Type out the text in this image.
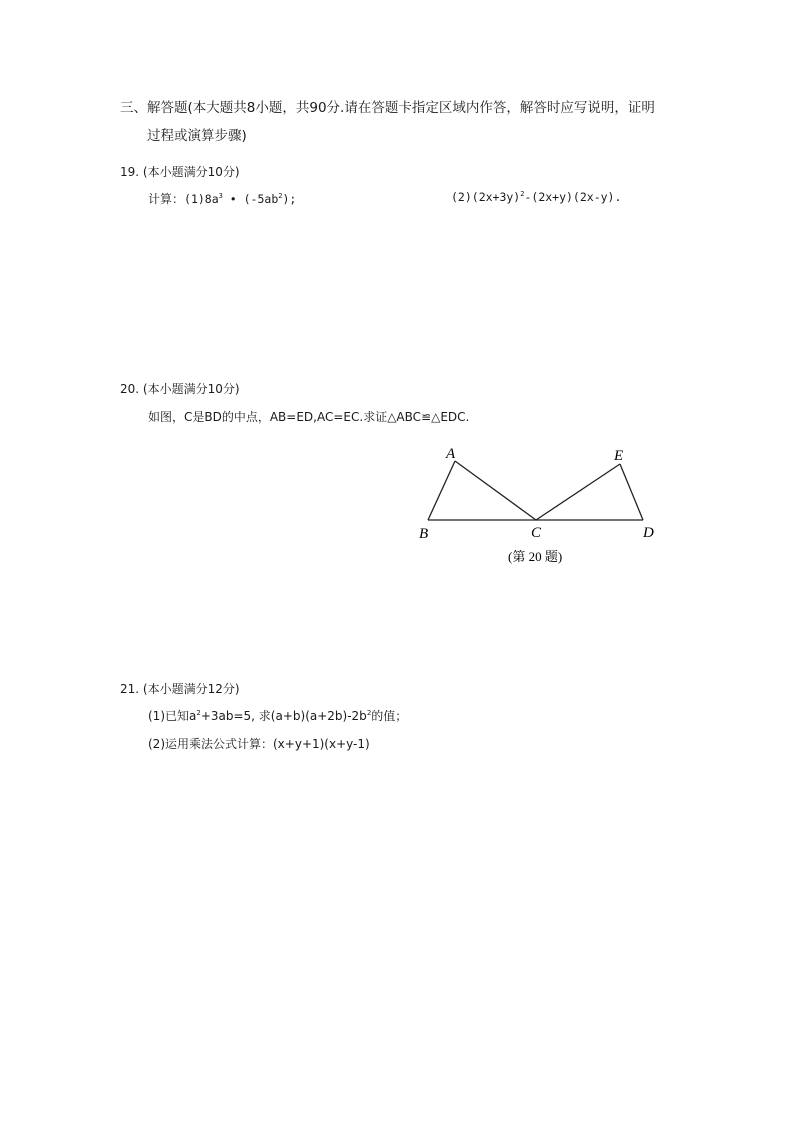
三、解答题(本大题共8小题，共90分.请在答题卡指定区域内作答，解答时应写说明，证明
过程或演算步骤)
19. (本小题满分10分)
计算：$(1)8a^3$ • $(-5ab^2)$;	$(2)(2x+3y)^2-(2x+y)(2x-y)$.
20. (本小题满分10分)
如图，C是BD的中点，AB=ED,AC=EC.求证△ABC≌△EDC.
A	E
B	C	D
(第 20 题)
21. (本小题满分12分)
(1)已知$a^2+3ab=5$, 求$(a+b)(a+2b)-2b^2$的值；
(2)运用乘法公式计算：(x+y+1)(x+y-1)
